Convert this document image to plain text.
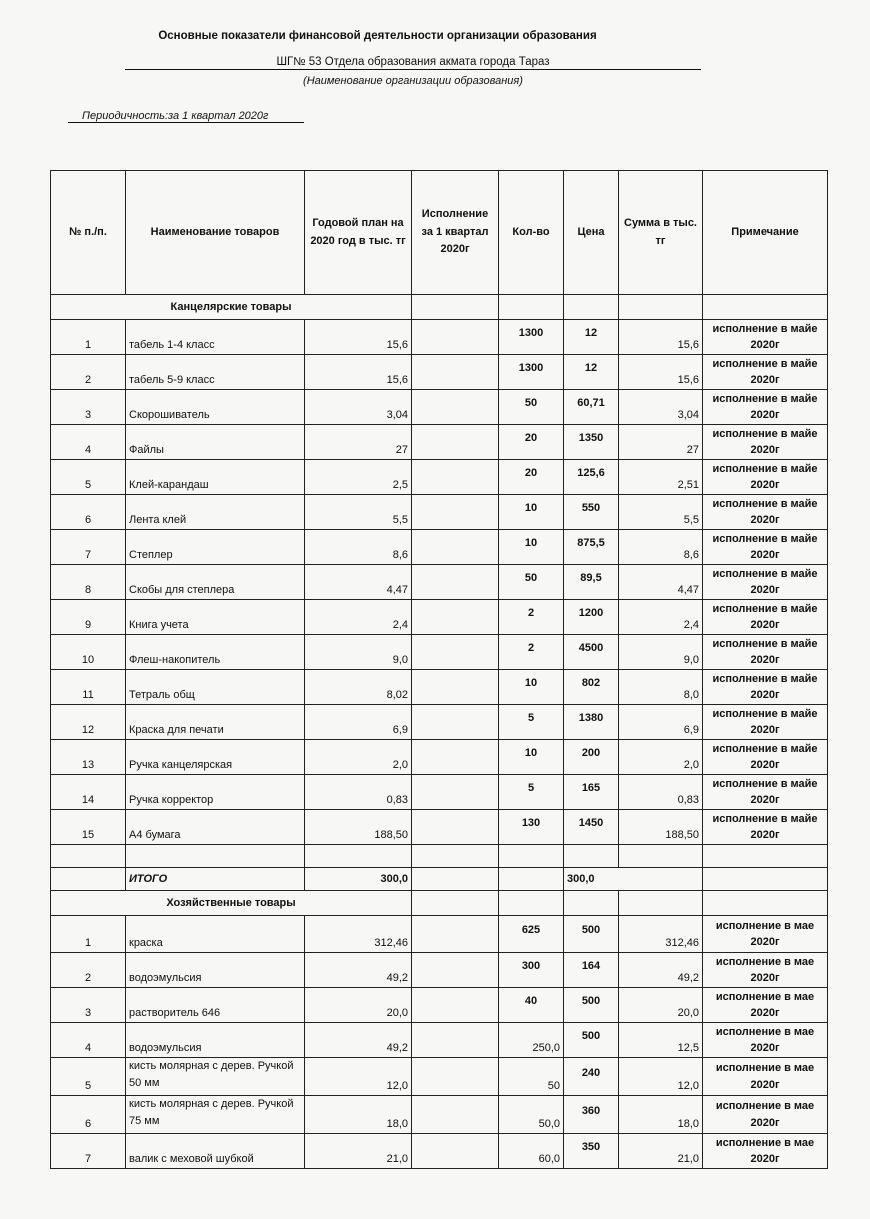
Основные показатели финансовой деятельности организации образования
ШГ№ 53 Отдела образования акмата города Тараз
(Наименование организации образования)
Периодичность:за 1 квартал 2020г
№ п./п.	Наименование товаров	Годовой план на 2020 год в тыс. тг	Исполнение за 1 квартал 2020г	Кол-во	Цена	Сумма в тыс. тг	Примечание
Канцелярские товары							
1	табель 1-4 класс	15,6		1300	12	15,6	исполнение в майе 2020г
2	табель 5-9 класс	15,6		1300	12	15,6	исполнение в майе 2020г
3	Скорошиватель	3,04		50	60,71	3,04	исполнение в майе 2020г
4	Файлы	27		20	1350	27	исполнение в майе 2020г
5	Клей-карандаш	2,5		20	125,6	2,51	исполнение в майе 2020г
6	Лента клей	5,5		10	550	5,5	исполнение в майе 2020г
7	Степлер	8,6		10	875,5	8,6	исполнение в майе 2020г
8	Скобы для степлера	4,47		50	89,5	4,47	исполнение в майе 2020г
9	Книга учета	2,4		2	1200	2,4	исполнение в майе 2020г
10	Флеш-накопитель	9,0		2	4500	9,0	исполнение в майе 2020г
11	Тетраль общ	8,02		10	802	8,0	исполнение в майе 2020г
12	Краска для печати	6,9		5	1380	6,9	исполнение в майе 2020г
13	Ручка канцелярская	2,0		10	200	2,0	исполнение в майе 2020г
14	Ручка корректор	0,83		5	165	0,83	исполнение в майе 2020г
15	А4 бумага	188,50		130	1450	188,50	исполнение в майе 2020г

	ИТОГО	300,0			300,0		
Хозяйственные товары							
1	краска	312,46		625	500	312,46	исполнение в мае 2020г
2	водоэмульсия	49,2		300	164	49,2	исполнение в мае 2020г
3	растворитель 646	20,0		40	500	20,0	исполнение в мае 2020г
4	водоэмульсия	49,2		250,0	500	12,5	исполнение в мае 2020г
5	кисть молярная с дерев. Ручкой 50 мм	12,0		50	240	12,0	исполнение в мае 2020г
6	кисть молярная с дерев. Ручкой 75 мм	18,0		50,0	360	18,0	исполнение в мае 2020г
7	валик с меховой шубкой	21,0		60,0	350	21,0	исполнение в мае 2020г
